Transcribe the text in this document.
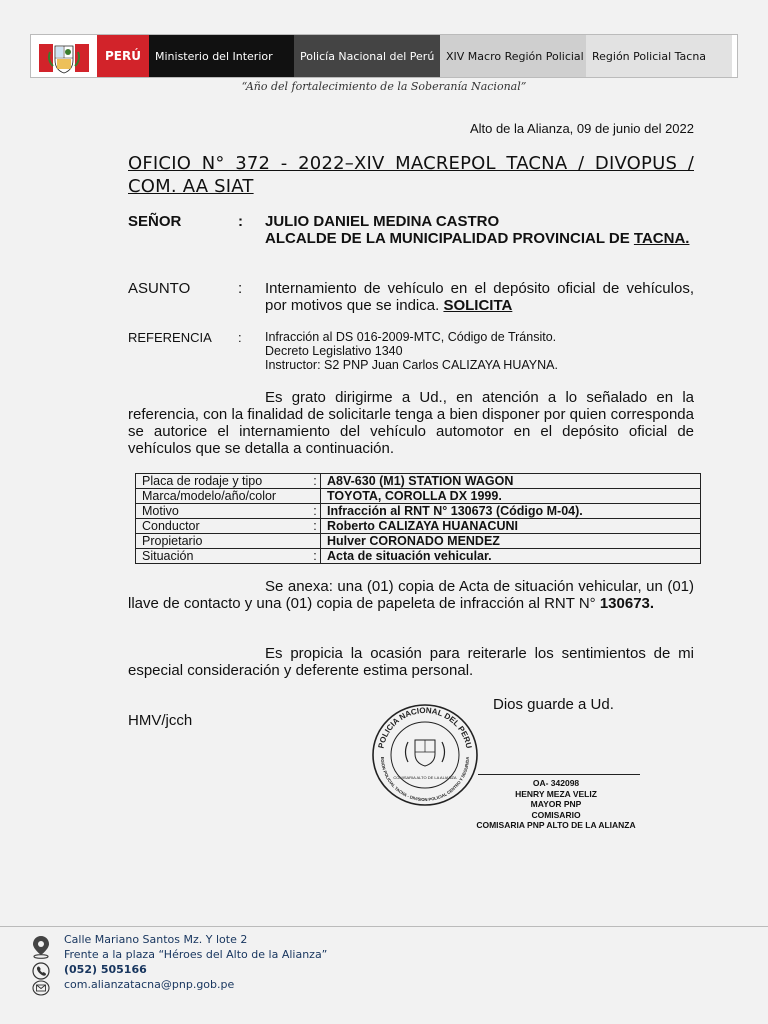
PERÚ	Ministerio del Interior	Policía Nacional del Perú	XIV Macro Región Policial Región Policial Tacna
“Año del fortalecimiento de la Soberanía Nacional”
Alto de la Alianza, 09 de junio del 2022
OFICIO N° 372 - 2022–XIV MACREPOL TACNA / DIVOPUS / COM. AA SIAT
SEÑOR	: JULIO DANIEL MEDINA CASTRO
ALCALDE DE LA MUNICIPALIDAD PROVINCIAL DE TACNA.
ASUNTO	: Internamiento de vehículo en el depósito oficial de vehículos, por motivos que se indica. SOLICITA
REFERENCIA : Infracción al DS 016-2009-MTC, Código de Tránsito.
Decreto Legislativo 1340
Instructor: S2 PNP Juan Carlos CALIZAYA HUAYNA.
Es grato dirigirme a Ud., en atención a lo señalado en la referencia, con la finalidad de solicitarle tenga a bien disponer por quien corresponda se autorice el internamiento del vehículo automotor en el depósito oficial de vehículos que se detalla a continuación.
Placa de rodaje y tipo	:	A8V-630 (M1) STATION WAGON
Marca/modelo/año/color		TOYOTA, COROLLA DX 1999.
Motivo	:	Infracción al RNT N° 130673 (Código M-04).
Conductor	:	Roberto CALIZAYA HUANACUNI
Propietario		Hulver CORONADO MENDEZ
Situación	:	Acta de situación vehicular.
Se anexa: una (01) copia de Acta de situación vehicular, un (01) llave de contacto y una (01) copia de papeleta de infracción al RNT N° 130673.
Es propicia la ocasión para reiterarle los sentimientos de mi especial consideración y deferente estima personal.
Dios guarde a Ud.
HMV/jcch
POLICIA NACIONAL DEL PERU
EGION POLICIAL TACNA - DIVISION POLICIAL CENTRO Y SEGURIDA
COMISARIA ALTO DE LA ALIANZA
OA- 342098
HENRY MEZA VELIZ
MAYOR PNP
COMISARIO
COMISARIA PNP ALTO DE LA ALIANZA
Calle Mariano Santos Mz. Y lote 2
Frente a la plaza “Héroes del Alto de la Alianza”
(052) 505166
com.alianzatacna@pnp.gob.pe
